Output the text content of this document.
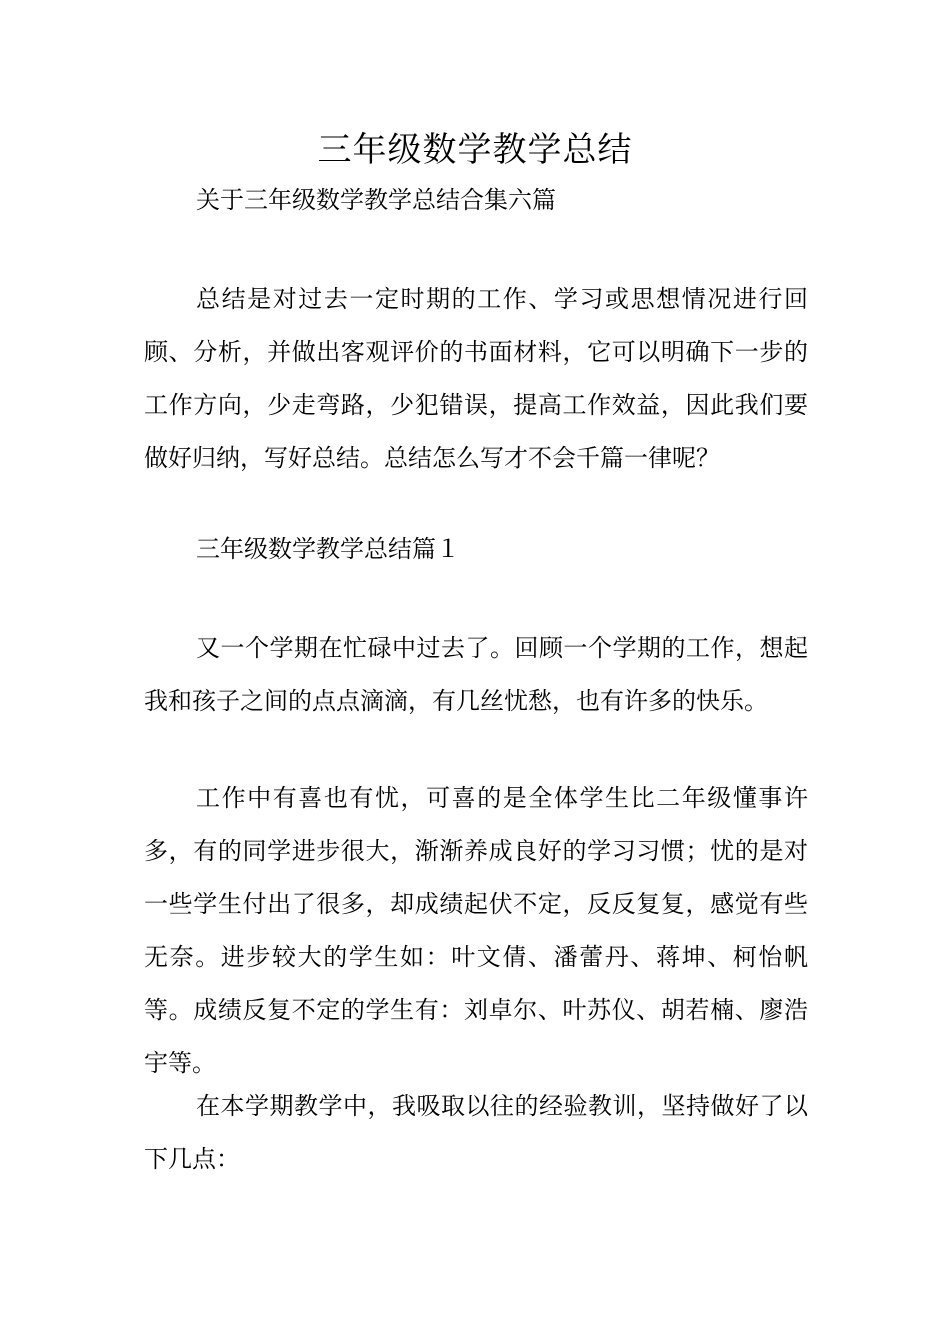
三年级数学教学总结
关于三年级数学教学总结合集六篇
总结是对过去一定时期的工作、学习或思想情况进行回顾、分析，并做出客观评价的书面材料，它可以明确下一步的工作方向，少走弯路，少犯错误，提高工作效益，因此我们要做好归纳，写好总结。总结怎么写才不会千篇一律呢？
三年级数学教学总结篇１
又一个学期在忙碌中过去了。回顾一个学期的工作，想起我和孩子之间的点点滴滴，有几丝忧愁，也有许多的快乐。
工作中有喜也有忧，可喜的是全体学生比二年级懂事许多，有的同学进步很大，渐渐养成良好的学习习惯；忧的是对一些学生付出了很多，却成绩起伏不定，反反复复，感觉有些无奈。进步较大的学生如：叶文倩、潘蕾丹、蒋坤、柯怡帆等。成绩反复不定的学生有：刘卓尔、叶苏仪、胡若楠、廖浩宇等。
在本学期教学中，我吸取以往的经验教训，坚持做好了以下几点：
